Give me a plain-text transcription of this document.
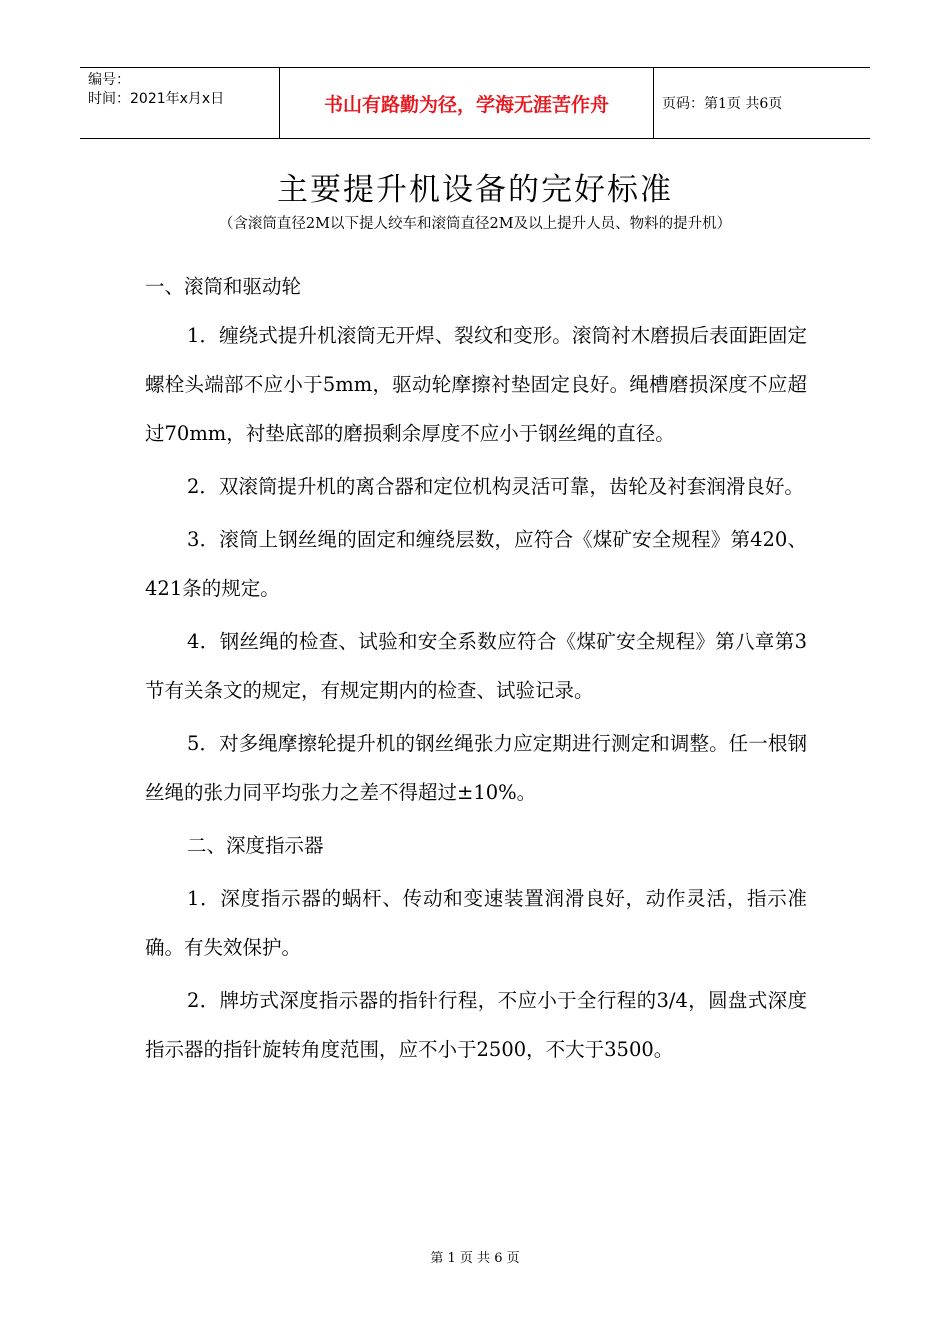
编号：
时间：2021年x月x日	书山有路勤为径，学海无涯苦作舟	页码：第1页 共6页
主要提升机设备的完好标准
（含滚筒直径2M以下提人绞车和滚筒直径2M及以上提升人员、物料的提升机）

一、滚筒和驱动轮

1．缠绕式提升机滚筒无开焊、裂纹和变形。滚筒衬木磨损后表面距固定螺栓头端部不应小于5mm，驱动轮摩擦衬垫固定良好。绳槽磨损深度不应超过70mm，衬垫底部的磨损剩余厚度不应小于钢丝绳的直径。

2．双滚筒提升机的离合器和定位机构灵活可靠，齿轮及衬套润滑良好。

3．滚筒上钢丝绳的固定和缠绕层数，应符合《煤矿安全规程》第420、421条的规定。

4．钢丝绳的检查、试验和安全系数应符合《煤矿安全规程》第八章第3节有关条文的规定，有规定期内的检查、试验记录。

5．对多绳摩擦轮提升机的钢丝绳张力应定期进行测定和调整。任一根钢丝绳的张力同平均张力之差不得超过±10%。

二、深度指示器

1．深度指示器的蜗杆、传动和变速装置润滑良好，动作灵活，指示准确。有失效保护。

2．牌坊式深度指示器的指针行程，不应小于全行程的3/4，圆盘式深度指示器的指针旋转角度范围，应不小于2500，不大于3500。

第 1 页 共 6 页
